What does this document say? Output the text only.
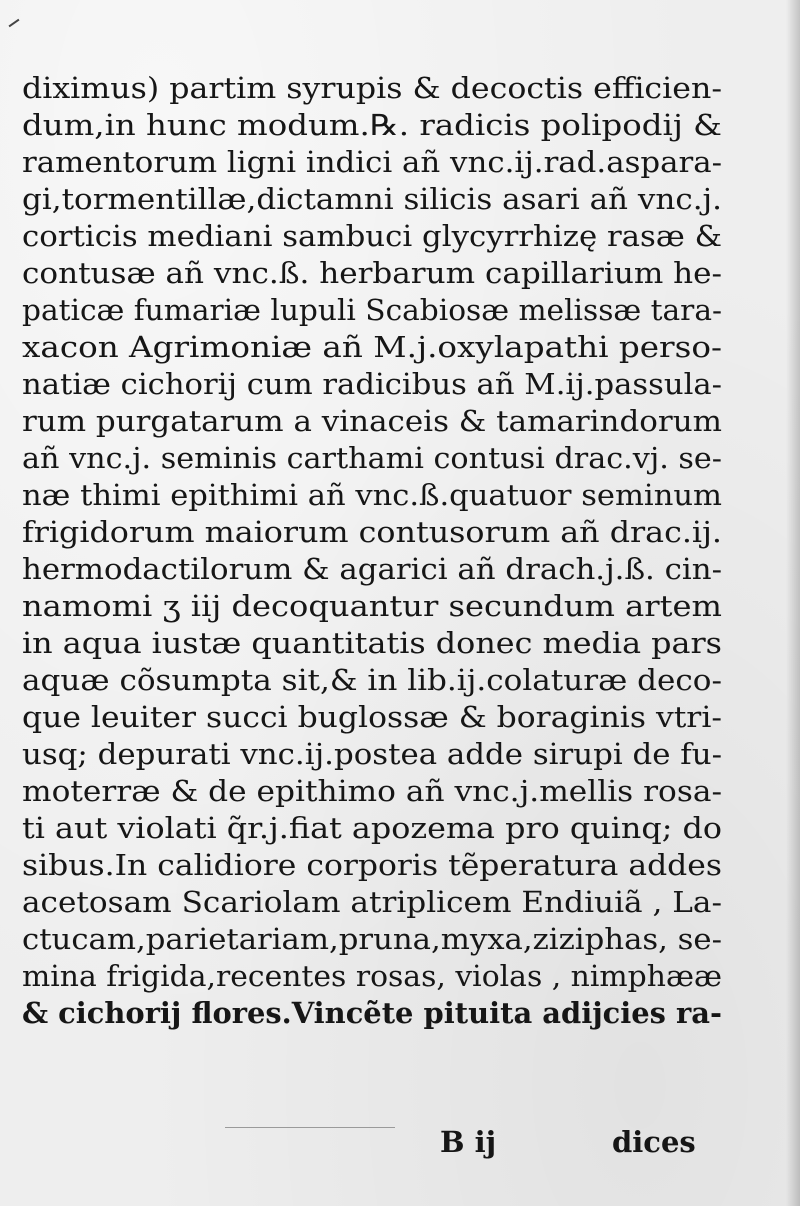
diximus) partim syrupis & decoctis efficien-
dum,in hunc modum.℞. radicis polipodij &
ramentorum ligni indici añ vnc.ij.rad.aspara-
gi,tormentillæ,dictamni silicis asari añ vnc.j.
corticis mediani sambuci glycyrrhizę rasæ &
contusæ añ vnc.ß. herbarum capillarium he-
paticæ fumariæ lupuli Scabiosæ melissæ tara-
xacon Agrimoniæ añ M.j.oxylapathi perso-
natiæ cichorij cum radicibus añ M.ij.passula-
rum purgatarum a vinaceis & tamarindorum
añ vnc.j. seminis carthami contusi drac.vj. se-
næ thimi epithimi añ vnc.ß.quatuor seminum
frigidorum maiorum contusorum añ drac.ij.
hermodactilorum & agarici añ drach.j.ß. cin-
namomi ʒ iij decoquantur secundum artem
in aqua iustæ quantitatis donec media pars
aquæ cõsumpta sit,& in lib.ij.colaturæ deco-
que leuiter succi buglossæ & boraginis vtri-
usq; depurati vnc.ij.postea adde sirupi de fu-
moterræ & de epithimo añ vnc.j.mellis rosa-
ti aut violati q̃r.j.fiat apozema pro quinq; do
sibus.In calidiore corporis tẽperatura addes
acetosam Scariolam atriplicem Endiuiã , La-
ctucam,parietariam,pruna,myxa,ziziphas, se-
mina frigida,recentes rosas, violas , nimphææ
& cichorij flores.Vincẽte pituita adijcies ra-
B ij	dices
